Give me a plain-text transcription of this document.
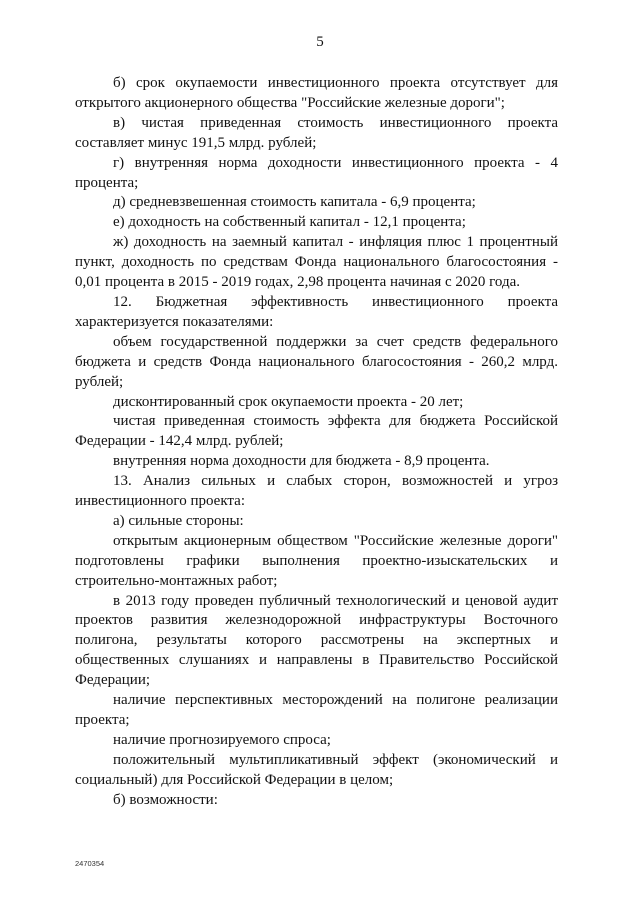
5
б) срок окупаемости инвестиционного проекта отсутствует для открытого акционерного общества "Российские железные дороги";
в) чистая приведенная стоимость инвестиционного проекта составляет минус 191,5 млрд. рублей;
г) внутренняя норма доходности инвестиционного проекта - 4 процента;
д) средневзвешенная стоимость капитала - 6,9 процента;
е) доходность на собственный капитал - 12,1 процента;
ж) доходность на заемный капитал - инфляция плюс 1 процентный пункт, доходность по средствам Фонда национального благосостояния - 0,01 процента в 2015 - 2019 годах, 2,98 процента начиная с 2020 года.
12. Бюджетная эффективность инвестиционного проекта характеризуется показателями:
объем государственной поддержки за счет средств федерального бюджета и средств Фонда национального благосостояния - 260,2 млрд. рублей;
дисконтированный срок окупаемости проекта - 20 лет;
чистая приведенная стоимость эффекта для бюджета Российской Федерации - 142,4 млрд. рублей;
внутренняя норма доходности для бюджета - 8,9 процента.
13. Анализ сильных и слабых сторон, возможностей и угроз инвестиционного проекта:
а) сильные стороны:
открытым акционерным обществом "Российские железные дороги" подготовлены графики выполнения проектно-изыскательских и строительно-монтажных работ;
в 2013 году проведен публичный технологический и ценовой аудит проектов развития железнодорожной инфраструктуры Восточного полигона, результаты которого рассмотрены на экспертных и общественных слушаниях и направлены в Правительство Российской Федерации;
наличие перспективных месторождений на полигоне реализации проекта;
наличие прогнозируемого спроса;
положительный мультипликативный эффект (экономический и социальный) для Российской Федерации в целом;
б) возможности:
2470354
